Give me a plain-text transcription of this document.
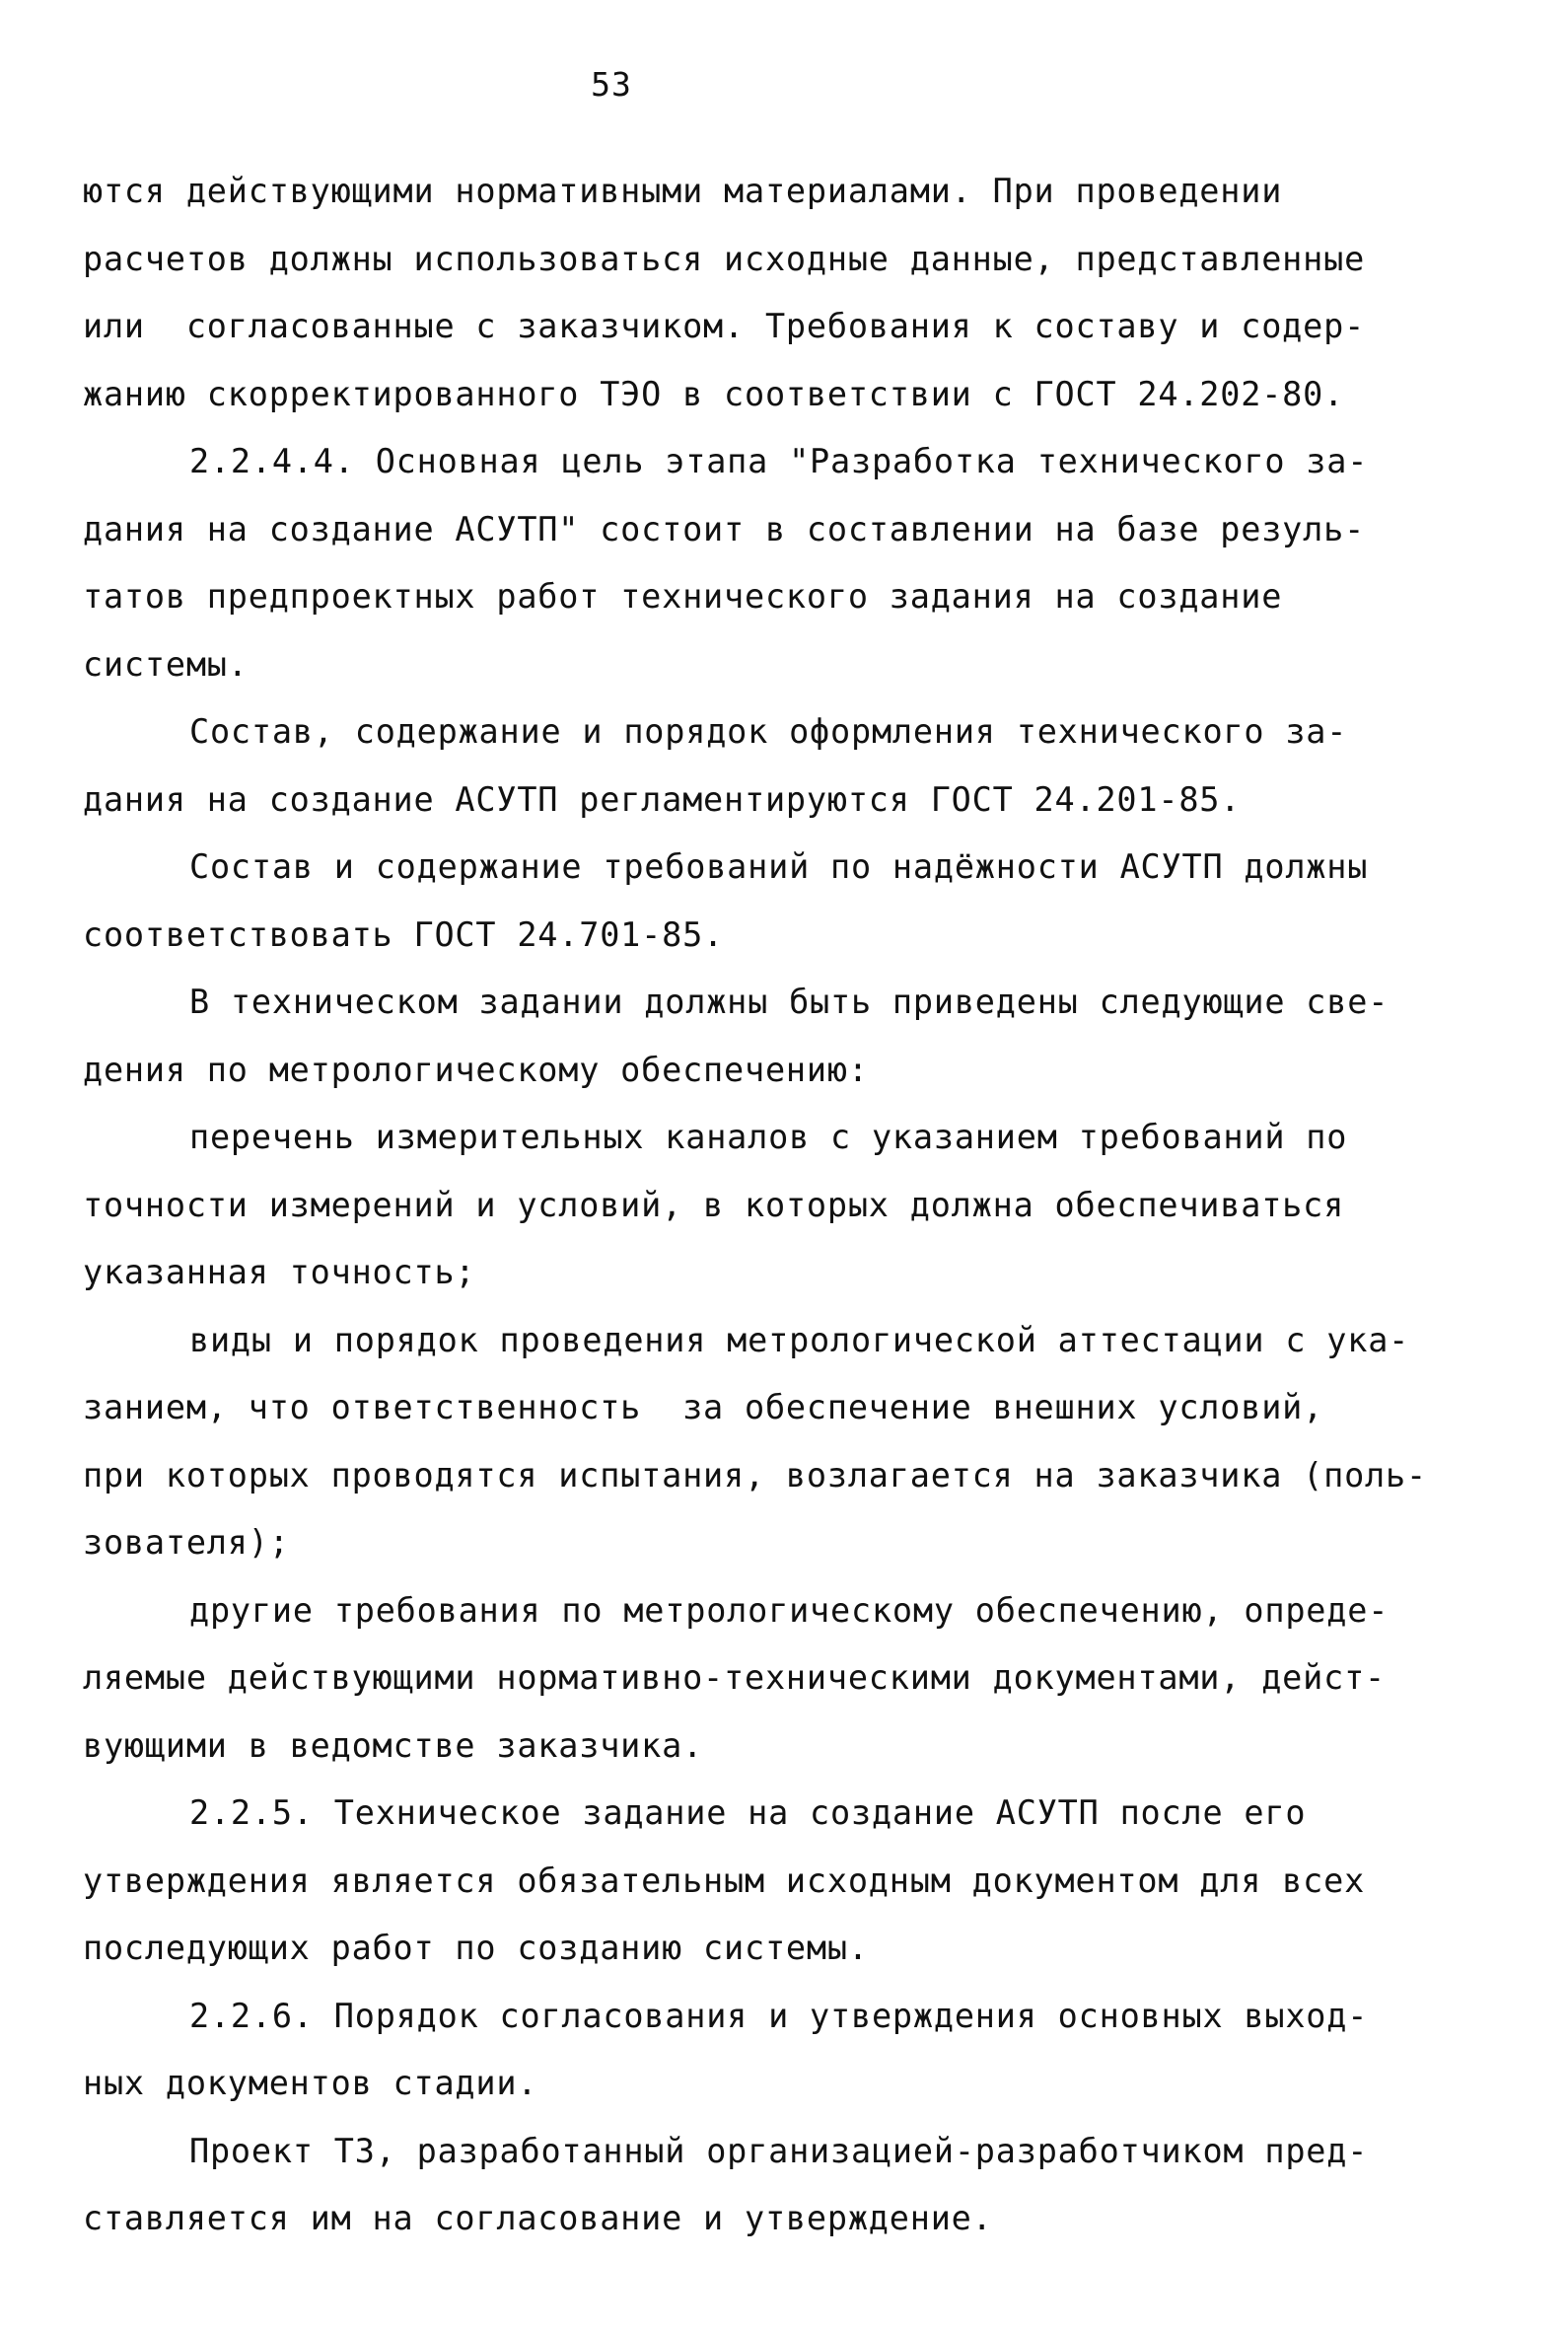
53
ются действующими нормативными материалами. При проведении
расчетов должны использоваться исходные данные, представленные
или  согласованные с заказчиком. Требования к составу и содер-
жанию скорректированного ТЭО в соответствии с ГОСТ 24.202-80.
2.2.4.4. Основная цель этапа "Разработка технического за-
дания на создание АСУТП" состоит в составлении на базе резуль-
татов предпроектных работ технического задания на создание
системы.
Состав, содержание и порядок оформления технического за-
дания на создание АСУТП регламентируются ГОСТ 24.201-85.
Состав и содержание требований по надёжности АСУТП должны
соответствовать ГОСТ 24.701-85.
В техническом задании должны быть приведены следующие све-
дения по метрологическому обеспечению:
перечень измерительных каналов с указанием требований по
точности измерений и условий, в которых должна обеспечиваться
указанная точность;
виды и порядок проведения метрологической аттестации с ука-
занием, что ответственность  за обеспечение внешних условий,
при которых проводятся испытания, возлагается на заказчика (поль-
зователя);
другие требования по метрологическому обеспечению, опреде-
ляемые действующими нормативно-техническими документами, дейст-
вующими в ведомстве заказчика.
2.2.5. Техническое задание на создание АСУТП после его
утверждения является обязательным исходным документом для всех
последующих работ по созданию системы.
2.2.6. Порядок согласования и утверждения основных выход-
ных документов стадии.
Проект ТЗ, разработанный организацией-разработчиком пред-
ставляется им на согласование и утверждение.
